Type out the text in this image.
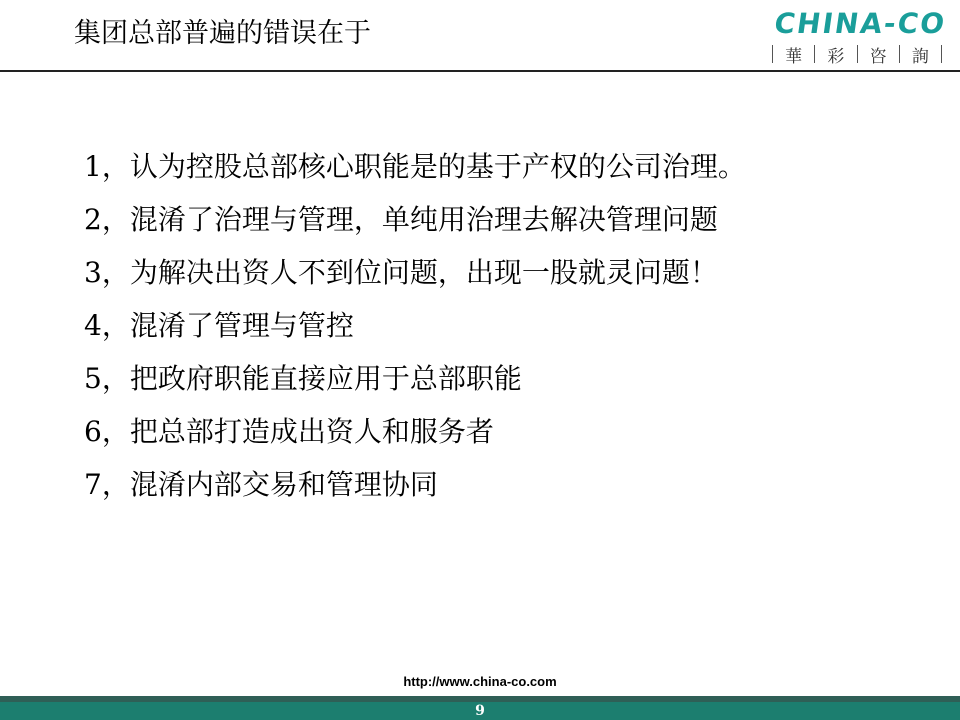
集团总部普遍的错误在于	CHINA-CO
華 彩 咨 詢
1，认为控股总部核心职能是的基于产权的公司治理。
2，混淆了治理与管理，单纯用治理去解决管理问题
3，为解决出资人不到位问题，出现一股就灵问题！
4，混淆了管理与管控
5，把政府职能直接应用于总部职能
6，把总部打造成出资人和服务者
7，混淆内部交易和管理协同
http://www.china-co.com
9
